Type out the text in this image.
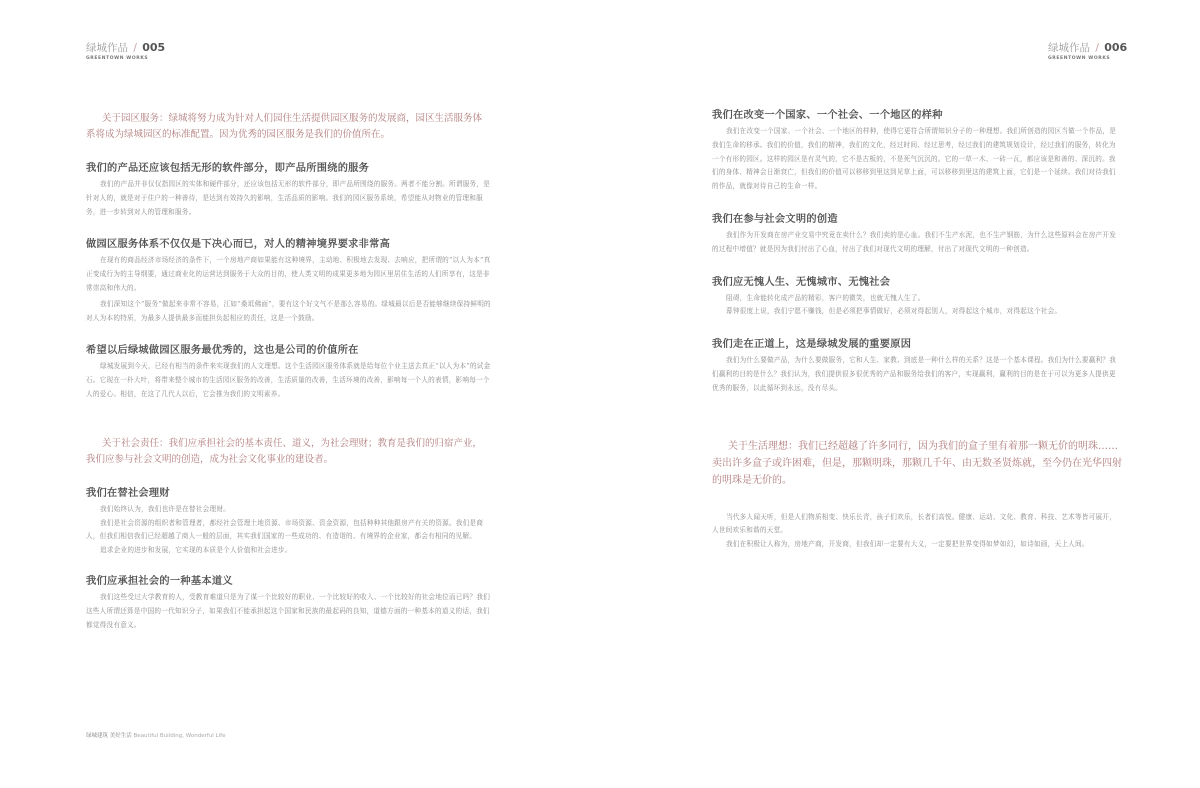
绿城作品 / 005
GREENTOWN WORKS

关于园区服务：绿城将努力成为针对人们园住生活提供园区服务的发展商，园区生活服务体系将成为绿城园区的标准配置。因为优秀的园区服务是我们的价值所在。

我们的产品还应该包括无形的软件部分，即产品所围绕的服务

我们的产品并非仅仅指园区的实体和硬件部分，还应该包括无形的软件部分，即产品所围绕的服务。两者不能分割。所谓服务，是针对人的，就是对于住户的一种善待，是达到有效持久的影响，生活品质的影响。我们的园区服务系统，希望能从对物业的管理和服务，进一步转到对人的管理和服务。

做园区服务体系不仅仅是下决心而已，对人的精神境界要求非常高

在现有的商品经济市场经济的条件下，一个房地产商如果能有这种境界，主动地、积极地去发现、去响应，把所谓的“以人为本”真正变成行为的主导纲要，通过商业化的运营达到服务于大众的目的，使人类文明的成果更多地为园区里居住生活的人们所享有，这是非常崇高和伟大的。

我们深知这个“服务”做起来非常不容易，江如“桑坻佛面”，要有这个好文气不是那么容易的。绿城最以后是否能够继续保持鲜明的对人为本的特质，为最多人提供最多而能担负起相应的责任，这是一个鼓励。

希望以后绿城做园区服务最优秀的，这也是公司的价值所在

绿城发展到今天，已经有相当的条件来实现我们的人文理想。这个生活园区服务体系就是给每位个业主送去真正“以人为本”的试金石。它现在一朴大叶，将带来整个城市的生活园区服务的改善，生活质量的改善，生活环境的改善，影响每一个人的表情，影响每一个人的爱心。相信，在这了几代人以后，它会推为我们的文明素养。

关于社会责任：我们应承担社会的基本责任、道义，为社会理财；教育是我们的归宿产业，我们应参与社会文明的创造，成为社会文化事业的建设者。

我们在替社会理财

我们始终认为，我们也许是在替社会理财。

我们是社会资源的组织者和管理者，都经社会管理土地资源、市场资源、资金资源，包括种种其他跟房产有关的资源。我们是商人，但我们相信我们已经超越了商人一般的层面，其实我们国家的一些成功的、有造诣的、有境界的企业家，都会有相同的见解。

追求企业的进步和发展，它实现的本质是个人价值和社会进步。

我们应承担社会的一种基本道义

我们这些受过大学教育的人，受教育难道只是为了谋一个比较好的职业、一个比较好的收入、一个比较好的社会地位而已吗？我们这些人所谓还算是中国的一代知识分子，如果我们不能承担起这个国家和民族的最起码的良知，道德方面的一种基本的道义的话，我们都觉得没有意义。

绿城建筑 美好生活 Beautiful Building, Wonderful Life
绿城作品 / 006
GREENTOWN WORKS
我们在改变一个国家、一个社会、一个地区的样种

我们在改变一个国家、一个社会、一个地区的样种，使得它更符合所谓知识分子的一种理想。我们所创造的园区当做一个作品，是我们生命的移承。我们的价值，我们的精神，我们的文化，经过时间、经过思考，经过我们的建筑规划设计，经过我们的服务，转化为一个有形的园区。这样的园区是有灵气的，它不是古板的，不是死气沉沉的。它的一草一木、一砖一瓦，都应该是和善的、深沉的。我们的身体、精神会日渐衰亡，但我们的价值可以移移到里这到见草上面，可以移移到里这的建筑上面，它们是一个延续。我们对待我们的作品，就像对待自己的生命一样。

我们在参与社会文明的创造

我们作为开发商在房产业交易中究竟在卖什么？我们卖的是心血。我们不生产水泥，也不生产钢筋，为什么这些原料会在房产开发的过程中增值？就是因为我们付出了心血，付出了我们对现代文明的理解，付出了对现代文明的一种创造。

我们应无愧人生、无愧城市、无愧社会

阻碍，生命能转化成产品的精彩，客户的微笑，也就无愧人生了。

幕钟很度上说，我们宁愿不赚钱，但是必须把事情做好，必须对得起别人，对得起这个城市，对得起这个社会。

我们走在正道上，这是绿城发展的重要原因

我们为什么要做产品，为什么要做服务，它和人生、家教、到底是一种什么样的关系？这是一个基本课程。我们为什么要赢利？我们赢利的目的是什么？我们认为，我们提供很多很优秀的产品和服务给我们的客户，实现赢利，赢利的目的是在于可以为更多人提供更优秀的服务，以此循环到永远，没有尽头。

关于生活理想：我们已经超越了许多同行，因为我们的盒子里有着那一颗无价的明珠……卖出许多盒子或许困难，但是，那颗明珠，那颗几千年、由无数圣贤炼就，至今仍在光华四射的明珠是无价的。

当代多人闻天听，但是人们物质相变、快乐长青，孩子们欢乐，长者们高悦。健康、运动、文化、教育、科技、艺术等皆可展开，人世间欢乐和谐的天堂。

我们在积极让人称为，房地产商，开发商，但我们却一定要有大义，一定要把世界变得如梦如幻，如诗如画，天上人间。
